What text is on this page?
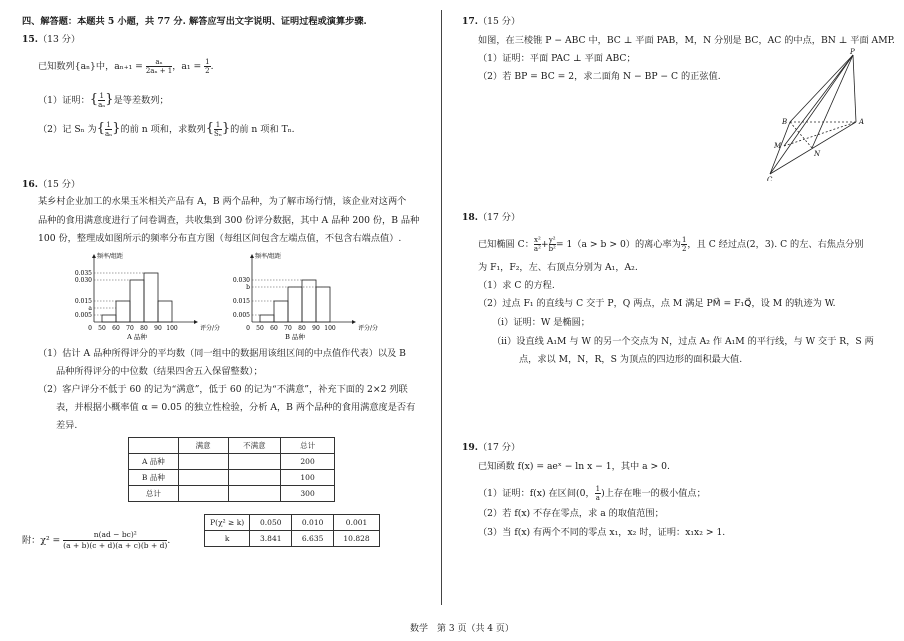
四、解答题：本题共 5 小题，共 77 分. 解答应写出文字说明、证明过程或演算步骤.
15.（13 分）
已知数列{aₙ}中，$a_{n+1} = \frac{\text{aₙ}}{\text{2aₙ + 1}}$ ，$a_1 = \frac{1}{2}$ .
（1）证明：{ $\frac{1}{\text{aₙ}}$ }是等差数列；
（2）记 Sₙ 为{ $\frac{1}{\text{aₙ}}$ }的前 n 项和，求数列{ $\frac{1}{\text{Sₙ}}$ }的前 n 项和 Tₙ.
16.（15 分）
某乡村企业加工的水果玉米相关产品有 A，B 两个品种，为了解市场行情，该企业对这两个
品种的食用满意度进行了问卷调查，共收集到 300 份评分数据，其中 A 品种 200 份，B 品种
100 份，整理成如图所示的频率分布直方图（每组区间包含左端点值，不包含右端点值）.
0.035
0.030
0.015
a
0.005
0 50 60 70 80 90 100	评分/分
频率/组距
A 品种
0.030
b
0.015
0.005
0 50 60 70 80 90 100	评分/分
频率/组距
B 品种
（1）估计 A 品种所得评分的平均数（同一组中的数据用该组区间的中点值作代表）以及 B
品种所得评分的中位数（结果四舍五入保留整数）；
（2）客户评分不低于 60 的记为“满意”，低于 60 的记为“不满意”，补充下面的 2×2 列联
表，并根据小概率值 α = 0.05 的独立性检验，分析 A，B 两个品种的食用满意度是否有
差异.
	满意	不满意	总计
A 品种			200
B 品种			100
总计			300
附：$\chi^2 = \frac{\text{n(ad − bc)²}}{(a + b)(c + d)(a + c)(b + d)}$ .
P(χ² ≥ k)	0.050	0.010	0.001
k	3.841	6.635	10.828
17.（15 分）
如图，在三棱锥 P − ABC 中，BC ⊥ 平面 PAB，M，N 分别是 BC，AC 的中点，BN ⊥ 平面 AMP.
（1）证明：平面 PAC ⊥ 平面 ABC；
（2）若 BP = BC = 2，求二面角 N − BP − C 的正弦值.
P
A
B
C
M
N
18.（17 分）
已知椭圆 C： $\frac{\text{x²}}{\text{a²}} + \frac{\text{y²}}{\text{b²}} = 1(a > b > 0)$的离心率为 $\frac{1}{2}$ ，且 C 经过点(2，3). C 的左、右焦点分别
为 F₁，F₂，左、右顶点分别为 A₁，A₂.
（1）求 C 的方程.
（2）过点 F₁ 的直线与 C 交于 P，Q 两点，点 M 满足 PM⃗ = F₁Q⃗，设 M 的轨迹为 W.
（ⅰ）证明：W 是椭圆；
（ⅱ）设直线 A₁M 与 W 的另一个交点为 N，过点 A₂ 作 A₁M 的平行线，与 W 交于 R，S 两
点，求以 M，N，R，S 为顶点的四边形的面积最大值.
19.（17 分）
已知函数 f(x) = aeˣ − ln x − 1，其中 a > 0.
（1）证明：f(x) 在区间(0， $\frac{1}{a}$ )上存在唯一的极小值点；
（2）若 f(x) 不存在零点，求 a 的取值范围；
（3）当 f(x) 有两个不同的零点 x₁，x₂ 时，证明：x₁x₂ > 1.
数学　第 3 页（共 4 页）
